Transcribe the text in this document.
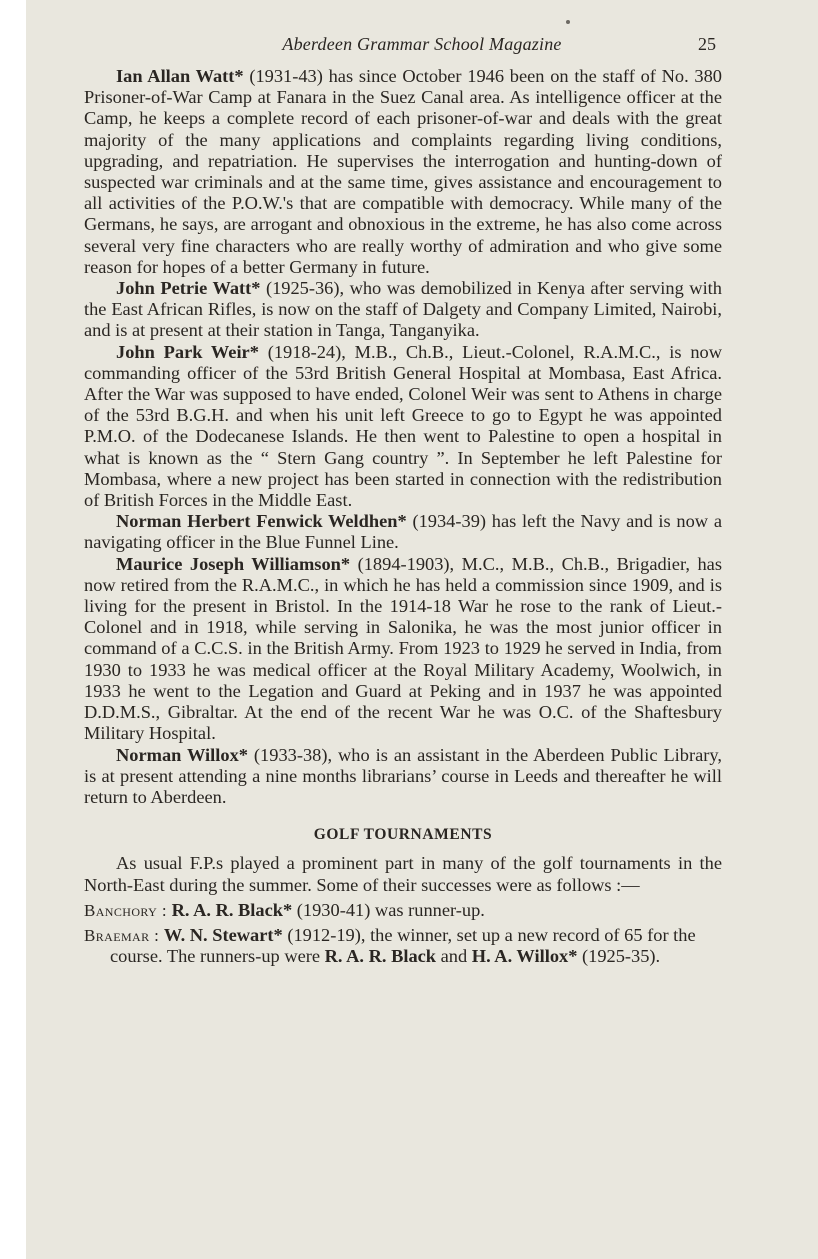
Aberdeen Grammar School Magazine	25

Ian Allan Watt* (1931-43) has since October 1946 been on the staff of No. 380 Prisoner-of-War Camp at Fanara in the Suez Canal area. As intelligence officer at the Camp, he keeps a complete record of each prisoner-of-war and deals with the great majority of the many applications and complaints regarding living conditions, upgrading, and repatriation. He supervises the interrogation and hunting-down of suspected war criminals and at the same time, gives assistance and encouragement to all activities of the P.O.W.'s that are compatible with democracy. While many of the Germans, he says, are arrogant and obnoxious in the extreme, he has also come across several very fine characters who are really worthy of admiration and who give some reason for hopes of a better Germany in future.

John Petrie Watt* (1925-36), who was demobilized in Kenya after serving with the East African Rifles, is now on the staff of Dalgety and Company Limited, Nairobi, and is at present at their station in Tanga, Tanganyika.

John Park Weir* (1918-24), M.B., Ch.B., Lieut.-Colonel, R.A.M.C., is now commanding officer of the 53rd British General Hospital at Mombasa, East Africa. After the War was supposed to have ended, Colonel Weir was sent to Athens in charge of the 53rd B.G.H. and when his unit left Greece to go to Egypt he was appointed P.M.O. of the Dodecanese Islands. He then went to Palestine to open a hospital in what is known as the “ Stern Gang country ”. In September he left Palestine for Mombasa, where a new project has been started in connection with the redistribution of British Forces in the Middle East.

Norman Herbert Fenwick Weldhen* (1934-39) has left the Navy and is now a navigating officer in the Blue Funnel Line.

Maurice Joseph Williamson* (1894-1903), M.C., M.B., Ch.B., Brigadier, has now retired from the R.A.M.C., in which he has held a commission since 1909, and is living for the present in Bristol. In the 1914-18 War he rose to the rank of Lieut.-Colonel and in 1918, while serving in Salonika, he was the most junior officer in command of a C.C.S. in the British Army. From 1923 to 1929 he served in India, from 1930 to 1933 he was medical officer at the Royal Military Academy, Woolwich, in 1933 he went to the Legation and Guard at Peking and in 1937 he was appointed D.D.M.S., Gibraltar. At the end of the recent War he was O.C. of the Shaftesbury Military Hospital.

Norman Willox* (1933-38), who is an assistant in the Aberdeen Public Library, is at present attending a nine months librarians’ course in Leeds and thereafter he will return to Aberdeen.

GOLF TOURNAMENTS

As usual F.P.s played a prominent part in many of the golf tournaments in the North-East during the summer. Some of their successes were as follows :—

Banchory : R. A. R. Black* (1930-41) was runner-up.

Braemar : W. N. Stewart* (1912-19), the winner, set up a new record of 65 for the course. The runners-up were R. A. R. Black and H. A. Willox* (1925-35).
